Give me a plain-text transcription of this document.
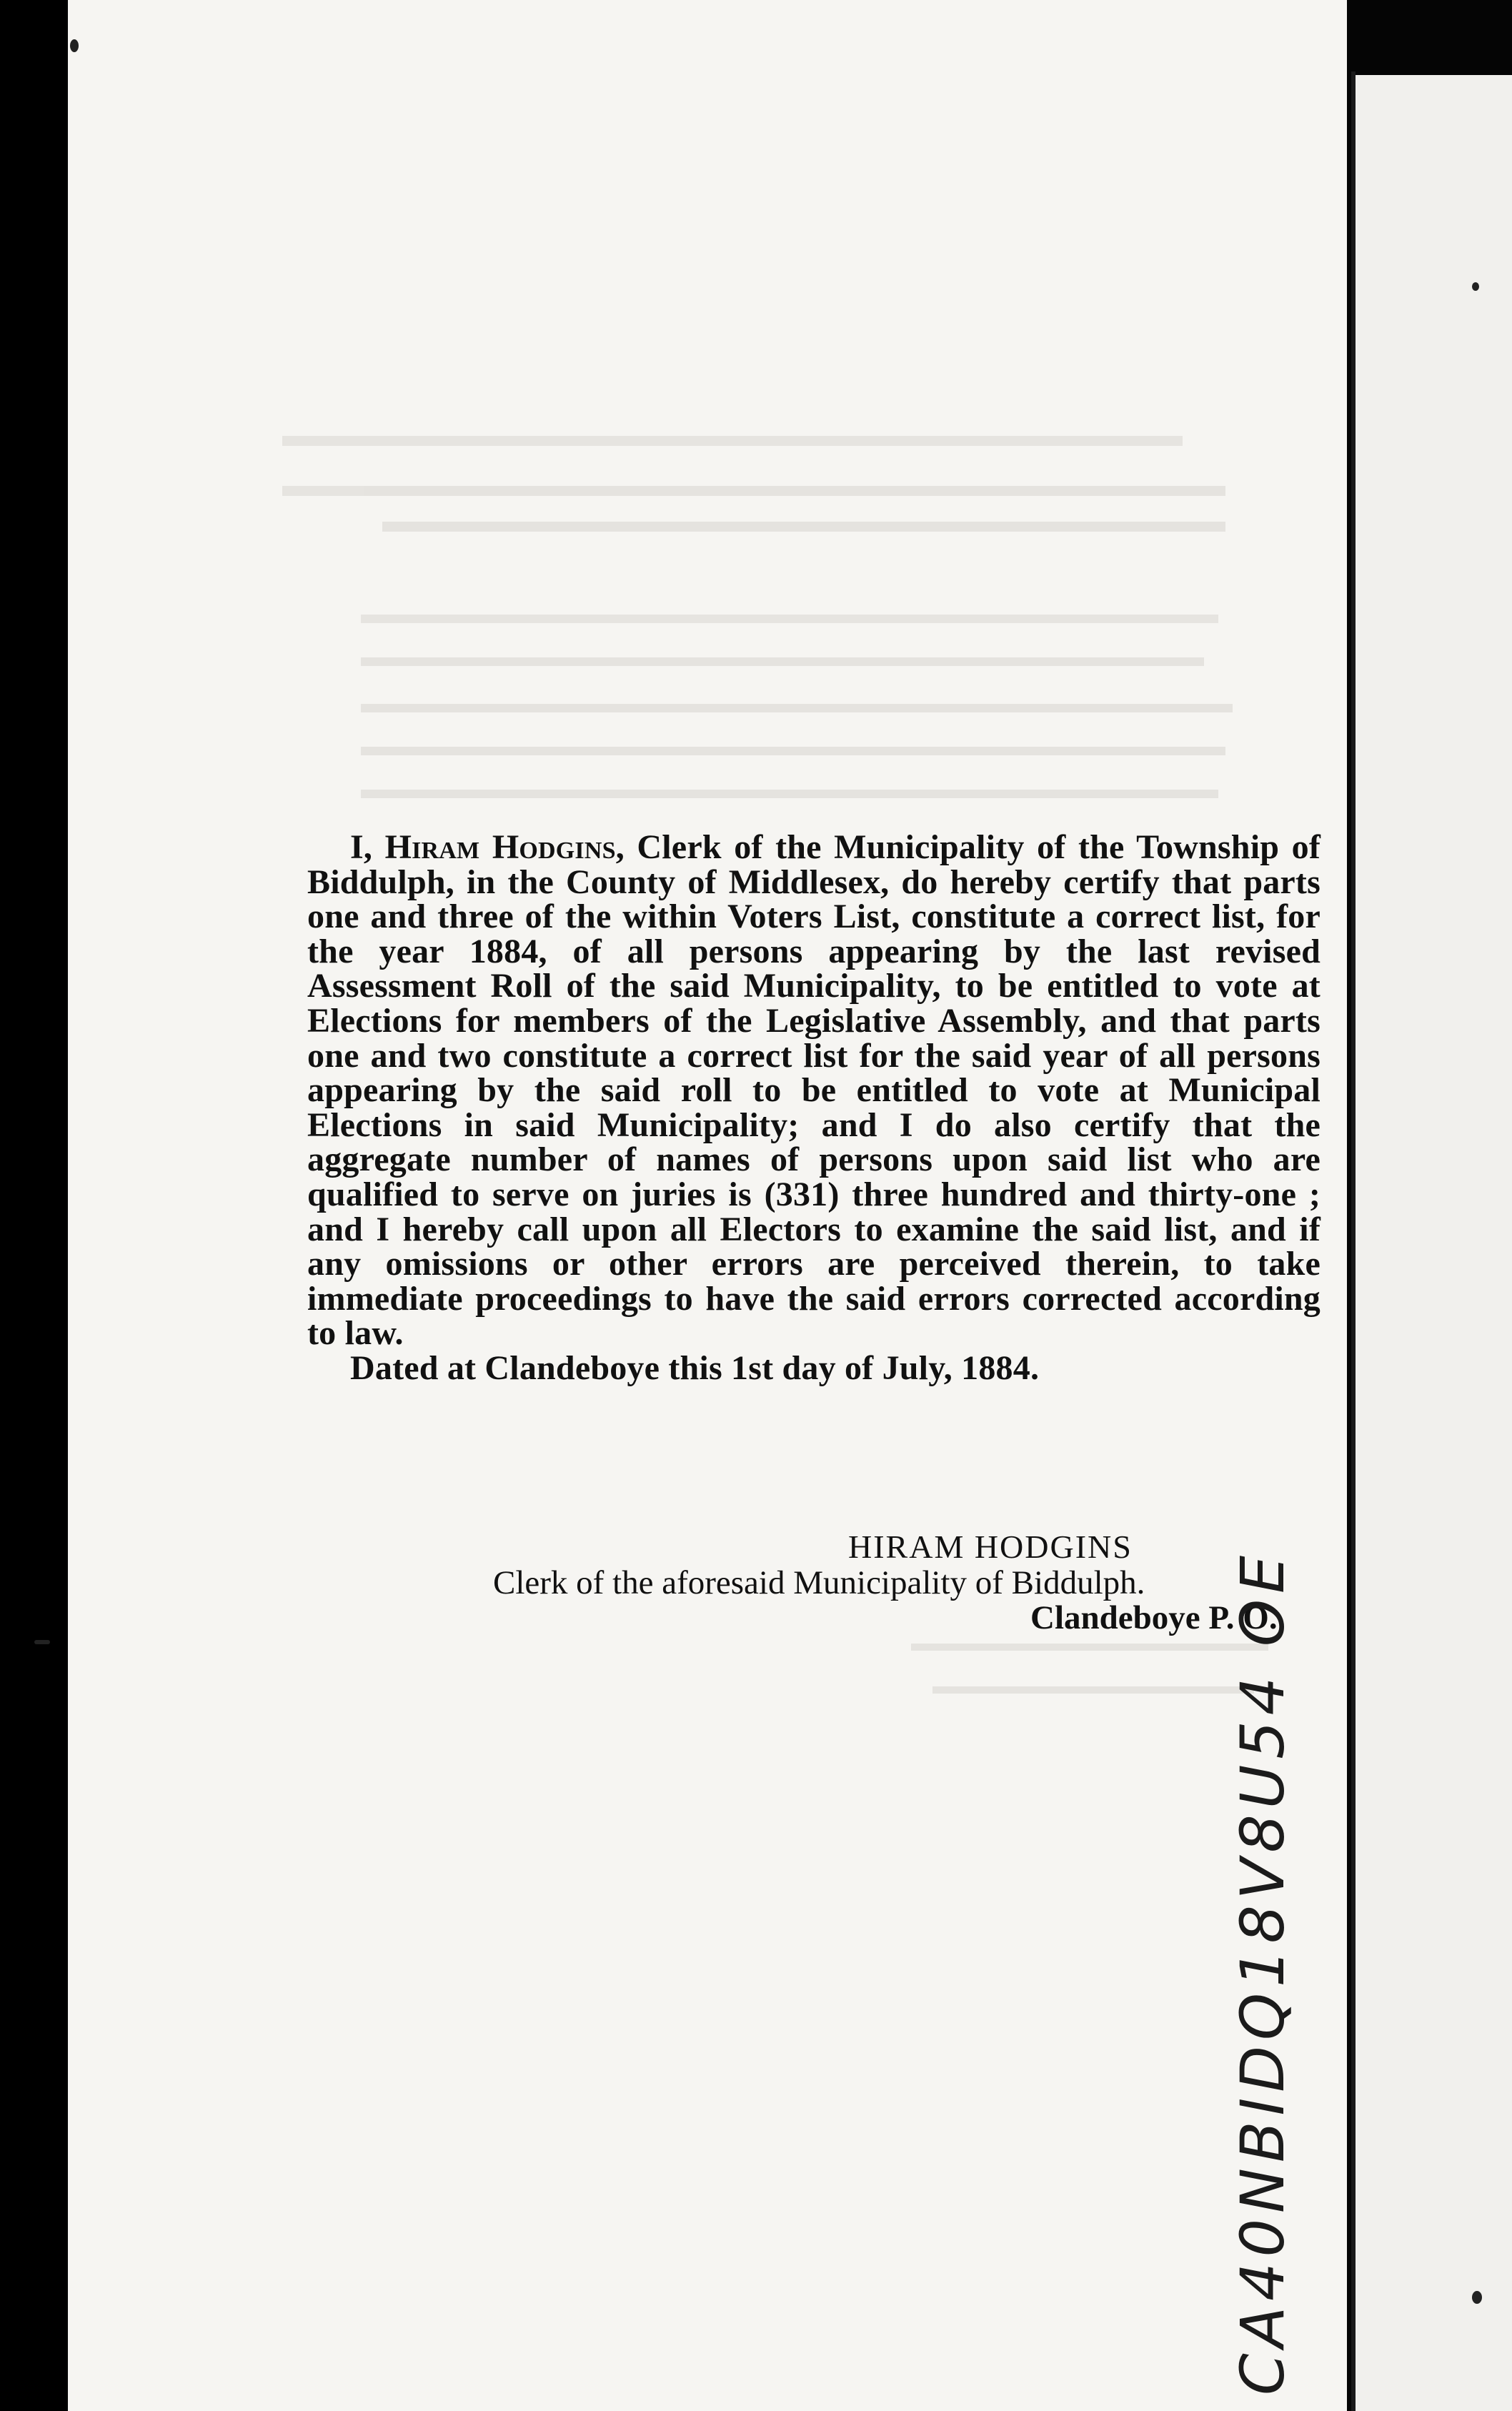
I, Hiram Hodgins, Clerk of the Municipality of the Township of Biddulph, in the County of Middlesex, do hereby certify that parts one and three of the within Voters List, constitute a correct list, for the year 1884, of all persons appearing by the last revised Assessment Roll of the said Municipality, to be entitled to vote at Elections for members of the Legislative Assembly, and that parts one and two constitute a correct list for the said year of all persons appearing by the said roll to be entitled to vote at Municipal Elections in said Municipality; and I do also certify that the aggregate number of names of persons upon said list who are qualified to serve on juries is (331) three hundred and thirty-one ; and I hereby call upon all Electors to examine the said list, and if any omissions or other errors are perceived therein, to take immediate proceedings to have the said errors corrected according to law.

Dated at Clandeboye this 1st day of July, 1884.

HIRAM HODGINS
Clerk of the aforesaid Municipality of Biddulph.
Clandeboye P. O.
CA40NBIDQ18V8U54 OE
